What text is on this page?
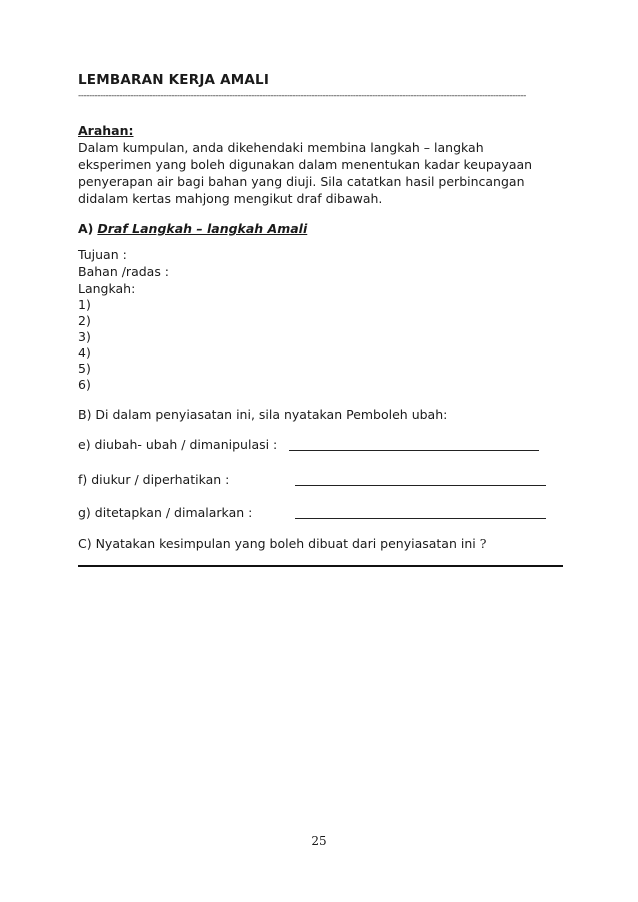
LEMBARAN KERJA AMALI
-------------------------------------------------------------------------------------------------------------------------------------------------------------------
Arahan:
Dalam kumpulan, anda dikehendaki membina langkah – langkah
eksperimen yang boleh digunakan dalam menentukan kadar keupayaan
penyerapan air bagi bahan yang diuji. Sila catatkan hasil perbincangan
didalam kertas mahjong mengikut draf dibawah.
A) Draf Langkah – langkah Amali
Tujuan :
Bahan /radas :
Langkah:
1)
2)
3)
4)
5)
6)
B) Di dalam penyiasatan ini, sila nyatakan Pemboleh ubah:
e) diubah- ubah / dimanipulasi :
f) diukur / diperhatikan :
g) ditetapkan / dimalarkan :
C) Nyatakan kesimpulan yang boleh dibuat dari penyiasatan ini ?
25
